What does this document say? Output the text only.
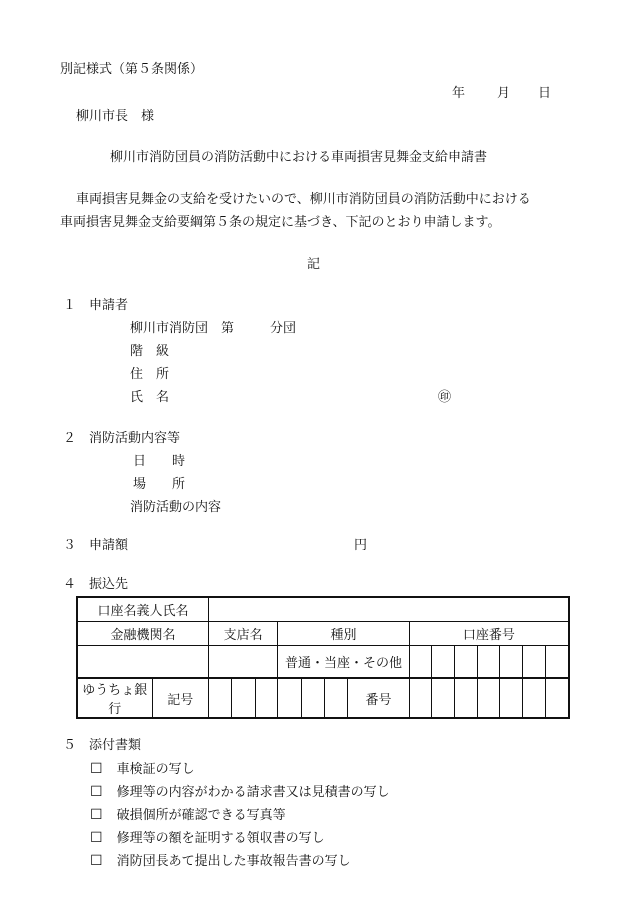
別記様式（第５条関係）
年 月 日
柳川市長　様
柳川市消防団員の消防活動中における車両損害見舞金支給申請書
車両損害見舞金の支給を受けたいので、柳川市消防団員の消防活動中における
車両損害見舞金支給要綱第５条の規定に基づき、下記のとおり申請します。
記
１　申請者
柳川市消防団　第	分団
階　級
住　所
氏　名	㊞
２　消防活動内容等
日　　時
場　　所
消防活動の内容
３　申請額	円
４　振込先
口座名義人氏名															
金融機関名		支店名			種別				口座番号						
					普通・当座・その他										
ゆうちょ銀行	記号							番号							
５　添付書類
☐ 車検証の写し
☐ 修理等の内容がわかる請求書又は見積書の写し
☐ 破損個所が確認できる写真等
☐ 修理等の額を証明する領収書の写し
☐ 消防団長あて提出した事故報告書の写し
